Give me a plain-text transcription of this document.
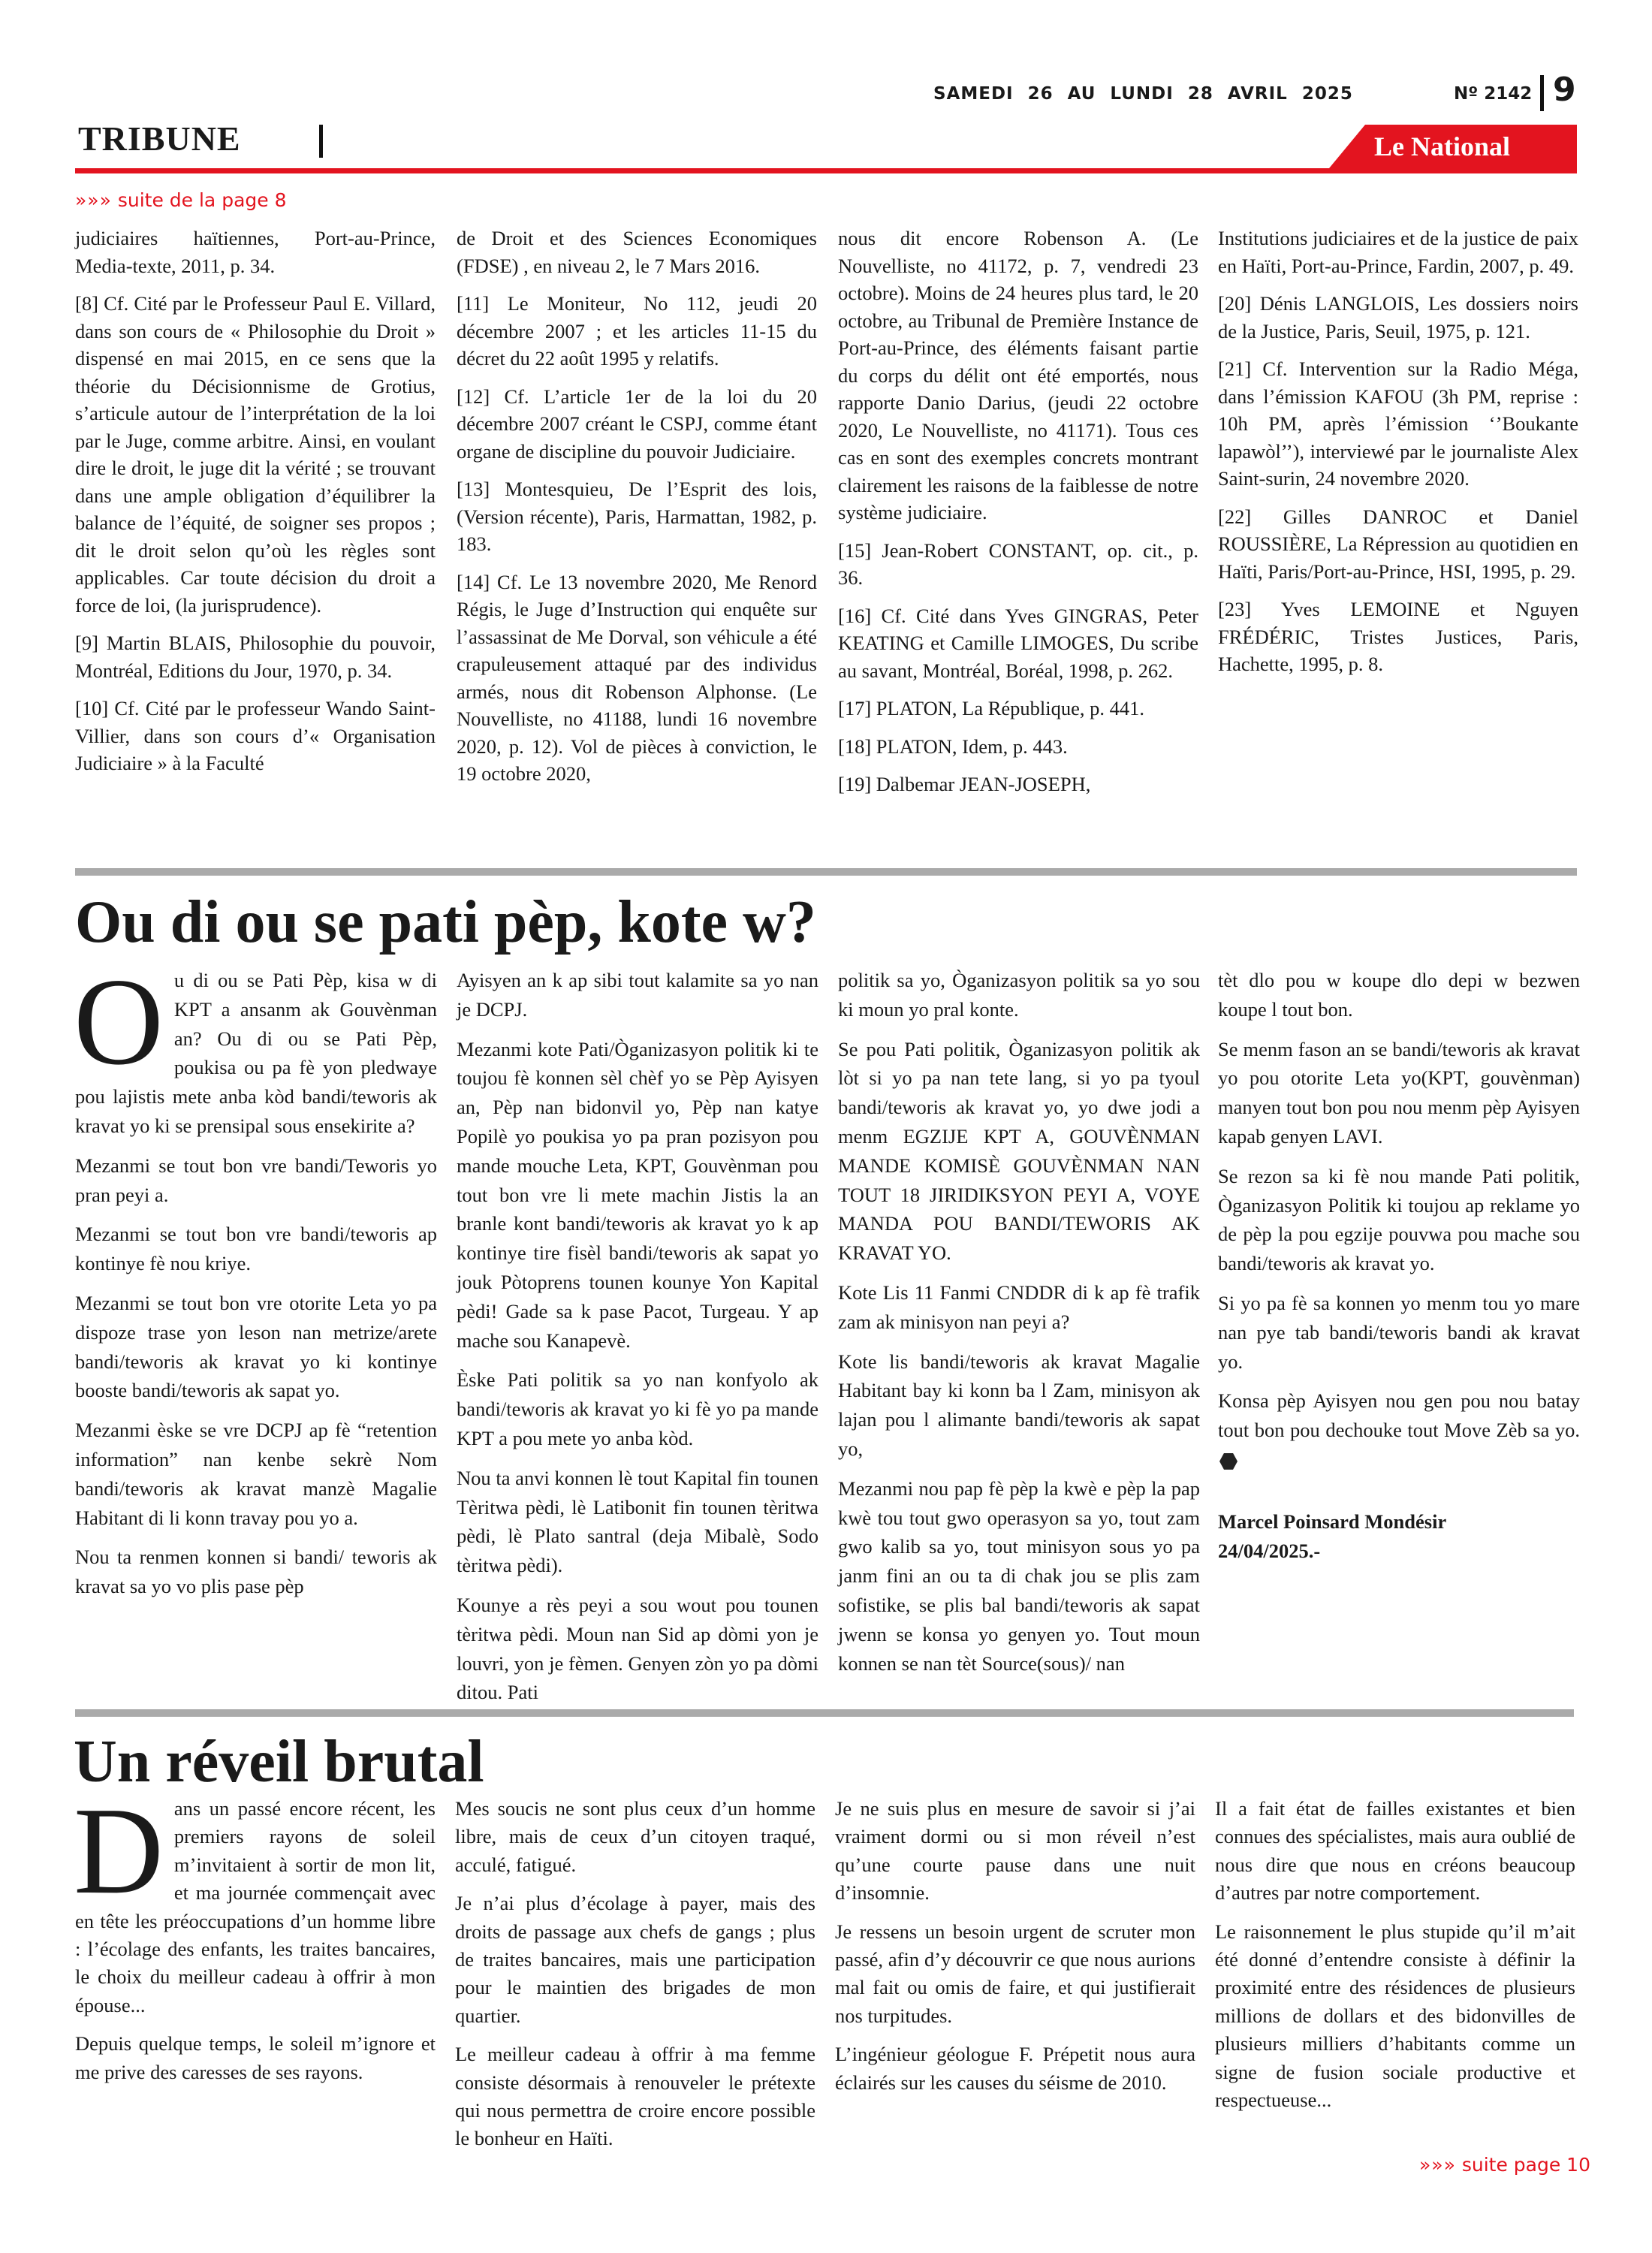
SAMEDI 26 AU LUNDI 28 AVRIL 2025	Nº 2142 9
TRIBUNE	Le National
»»» suite de la page 8

judiciaires haïtiennes, Port-au-Prince, Media-texte, 2011, p. 34.

[8] Cf. Cité par le Professeur Paul E. Villard, dans son cours de « Philosophie du Droit » dispensé en mai 2015, en ce sens que la théorie du Décisionnisme de Grotius, s’articule autour de l’interprétation de la loi par le Juge, comme arbitre. Ainsi, en voulant dire le droit, le juge dit la vérité ; se trouvant dans une ample obligation d’équilibrer la balance de l’équité, de soigner ses propos ; dit le droit selon qu’où les règles sont applicables. Car toute décision du droit a force de loi, (la jurisprudence).

[9] Martin BLAIS, Philosophie du pouvoir, Montréal, Editions du Jour, 1970, p. 34.

[10] Cf. Cité par le professeur Wando Saint-Villier, dans son cours d’« Organisation Judiciaire » à la Faculté

de Droit et des Sciences Economiques (FDSE) , en niveau 2, le 7 Mars 2016.

[11] Le Moniteur, No 112, jeudi 20 décembre 2007 ; et les articles 11-15 du décret du 22 août 1995 y relatifs.

[12] Cf. L’article 1er de la loi du 20 décembre 2007 créant le CSPJ, comme étant organe de discipline du pouvoir Judiciaire.

[13] Montesquieu, De l’Esprit des lois, (Version récente), Paris, Harmattan, 1982, p. 183.

[14] Cf. Le 13 novembre 2020, Me Renord Régis, le Juge d’Instruction qui enquête sur l’assassinat de Me Dorval, son véhicule a été crapuleusement attaqué par des individus armés, nous dit Robenson Alphonse. (Le Nouvelliste, no 41188, lundi 16 novembre 2020, p. 12). Vol de pièces à conviction, le 19 octobre 2020,

nous dit encore Robenson A. (Le Nouvelliste, no 41172, p. 7, vendredi 23 octobre). Moins de 24 heures plus tard, le 20 octobre, au Tribunal de Première Instance de Port-au-Prince, des éléments faisant partie du corps du délit ont été emportés, nous rapporte Danio Darius, (jeudi 22 octobre 2020, Le Nouvelliste, no 41171). Tous ces cas en sont des exemples concrets montrant clairement les raisons de la faiblesse de notre système judiciaire.

[15] Jean-Robert CONSTANT, op. cit., p. 36.

[16] Cf. Cité dans Yves GINGRAS, Peter KEATING et Camille LIMOGES, Du scribe au savant, Montréal, Boréal, 1998, p. 262.

[17] PLATON, La République, p. 441.

[18] PLATON, Idem, p. 443.

[19] Dalbemar JEAN-JOSEPH,

Institutions judiciaires et de la justice de paix en Haïti, Port-au-Prince, Fardin, 2007, p. 49.

[20] Dénis LANGLOIS, Les dossiers noirs de la Justice, Paris, Seuil, 1975, p. 121.

[21] Cf. Intervention sur la Radio Méga, dans l’émission KAFOU (3h PM, reprise : 10h PM, après l’émission ‘’Boukante lapawòl’’), interviewé par le journaliste Alex Saint-surin, 24 novembre 2020.

[22] Gilles DANROC et Daniel ROUSSIÈRE, La Répression au quotidien en Haïti, Paris/Port-au-Prince, HSI, 1995, p. 29.

[23] Yves LEMOINE et Nguyen FRÉDÉRIC, Tristes Justices, Paris, Hachette, 1995, p. 8.

Ou di ou se pati pèp, kote w?

Ou di ou se Pati Pèp, kisa w di KPT a ansanm ak Gouvènman an? Ou di ou se Pati Pèp, poukisa ou pa fè yon pledwaye pou lajistis mete anba kòd bandi/teworis ak kravat yo ki se prensipal sous ensekirite a?

Mezanmi se tout bon vre bandi/Teworis yo pran peyi a.

Mezanmi se tout bon vre bandi/teworis ap kontinye fè nou kriye.

Mezanmi se tout bon vre otorite Leta yo pa dispoze trase yon leson nan metrize/arete bandi/teworis ak kravat yo ki kontinye booste bandi/teworis ak sapat yo.

Mezanmi èske se vre DCPJ ap fè “retention information” nan kenbe sekrè Nom bandi/teworis ak kravat manzè Magalie Habitant di li konn travay pou yo a.

Nou ta renmen konnen si bandi/ teworis ak kravat sa yo vo plis pase pèp

Ayisyen an k ap sibi tout kalamite sa yo nan je DCPJ.

Mezanmi kote Pati/Òganizasyon politik ki te toujou fè konnen sèl chèf yo se Pèp Ayisyen an, Pèp nan bidonvil yo, Pèp nan katye Popilè yo poukisa yo pa pran pozisyon pou mande mouche Leta, KPT, Gouvènman pou tout bon vre li mete machin Jistis la an branle kont bandi/teworis ak kravat yo k ap kontinye tire fisèl bandi/teworis ak sapat yo jouk Pòtoprens tounen kounye Yon Kapital pèdi! Gade sa k pase Pacot, Turgeau. Y ap mache sou Kanapevè.

Èske Pati politik sa yo nan konfyolo ak bandi/teworis ak kravat yo ki fè yo pa mande KPT a pou mete yo anba kòd.

Nou ta anvi konnen lè tout Kapital fin tounen Tèritwa pèdi, lè Latibonit fin tounen tèritwa pèdi, lè Plato santral (deja Mibalè, Sodo tèritwa pèdi).

Kounye a rès peyi a sou wout pou tounen tèritwa pèdi. Moun nan Sid ap dòmi yon je louvri, yon je fèmen. Genyen zòn yo pa dòmi ditou. Pati

politik sa yo, Òganizasyon politik sa yo sou ki moun yo pral konte.

Se pou Pati politik, Òganizasyon politik ak lòt si yo pa nan tete lang, si yo pa tyoul bandi/teworis ak kravat yo, yo dwe jodi a menm EGZIJE KPT A, GOUVÈNMAN MANDE KOMISÈ GOUVÈNMAN NAN TOUT 18 JIRIDIKSYON PEYI A, VOYE MANDA POU BANDI/TEWORIS AK KRAVAT YO.

Kote Lis 11 Fanmi CNDDR di k ap fè trafik zam ak minisyon nan peyi a?

Kote lis bandi/teworis ak kravat Magalie Habitant bay ki konn ba l Zam, minisyon ak lajan pou l alimante bandi/teworis ak sapat yo,

Mezanmi nou pap fè pèp la kwè e pèp la pap kwè tou tout gwo operasyon sa yo, tout zam gwo kalib sa yo, tout minisyon sous yo pa janm fini an ou ta di chak jou se plis zam sofistike, se plis bal bandi/teworis ak sapat jwenn se konsa yo genyen yo. Tout moun konnen se nan tèt Source(sous)/ nan

tèt dlo pou w koupe dlo depi w bezwen koupe l tout bon.

Se menm fason an se bandi/teworis ak kravat yo pou otorite Leta yo(KPT, gouvènman) manyen tout bon pou nou menm pèp Ayisyen kapab genyen LAVI.

Se rezon sa ki fè nou mande Pati politik, Òganizasyon Politik ki toujou ap reklame yo de pèp la pou egzije pouvwa pou mache sou bandi/teworis ak kravat yo.

Si yo pa fè sa konnen yo menm tou yo mare nan pye tab bandi/teworis bandi ak kravat yo.

Konsa pèp Ayisyen nou gen pou nou batay tout bon pou dechouke tout Move Zèb sa yo.

Marcel Poinsard Mondésir

24/04/2025.-

Un réveil brutal

Dans un passé encore récent, les premiers rayons de soleil m’invitaient à sortir de mon lit, et ma journée commençait avec en tête les préoccupations d’un homme libre : l’écolage des enfants, les traites bancaires, le choix du meilleur cadeau à offrir à mon épouse...

Depuis quelque temps, le soleil m’ignore et me prive des caresses de ses rayons.

Mes soucis ne sont plus ceux d’un homme libre, mais de ceux d’un citoyen traqué, acculé, fatigué.

Je n’ai plus d’écolage à payer, mais des droits de passage aux chefs de gangs ; plus de traites bancaires, mais une participation pour le maintien des brigades de mon quartier.

Le meilleur cadeau à offrir à ma femme consiste désormais à renouveler le prétexte qui nous permettra de croire encore possible le bonheur en Haïti.

Je ne suis plus en mesure de savoir si j’ai vraiment dormi ou si mon réveil n’est qu’une courte pause dans une nuit d’insomnie.

Je ressens un besoin urgent de scruter mon passé, afin d’y découvrir ce que nous aurions mal fait ou omis de faire, et qui justifierait nos turpitudes.

L’ingénieur géologue F. Prépetit nous aura éclairés sur les causes du séisme de 2010.

Il a fait état de failles existantes et bien connues des spécialistes, mais aura oublié de nous dire que nous en créons beaucoup d’autres par notre comportement.

Le raisonnement le plus stupide qu’il m’ait été donné d’entendre consiste à définir la proximité entre des résidences de plusieurs millions de dollars et des bidonvilles de plusieurs milliers d’habitants comme un signe de fusion sociale productive et respectueuse...

»»» suite page 10
